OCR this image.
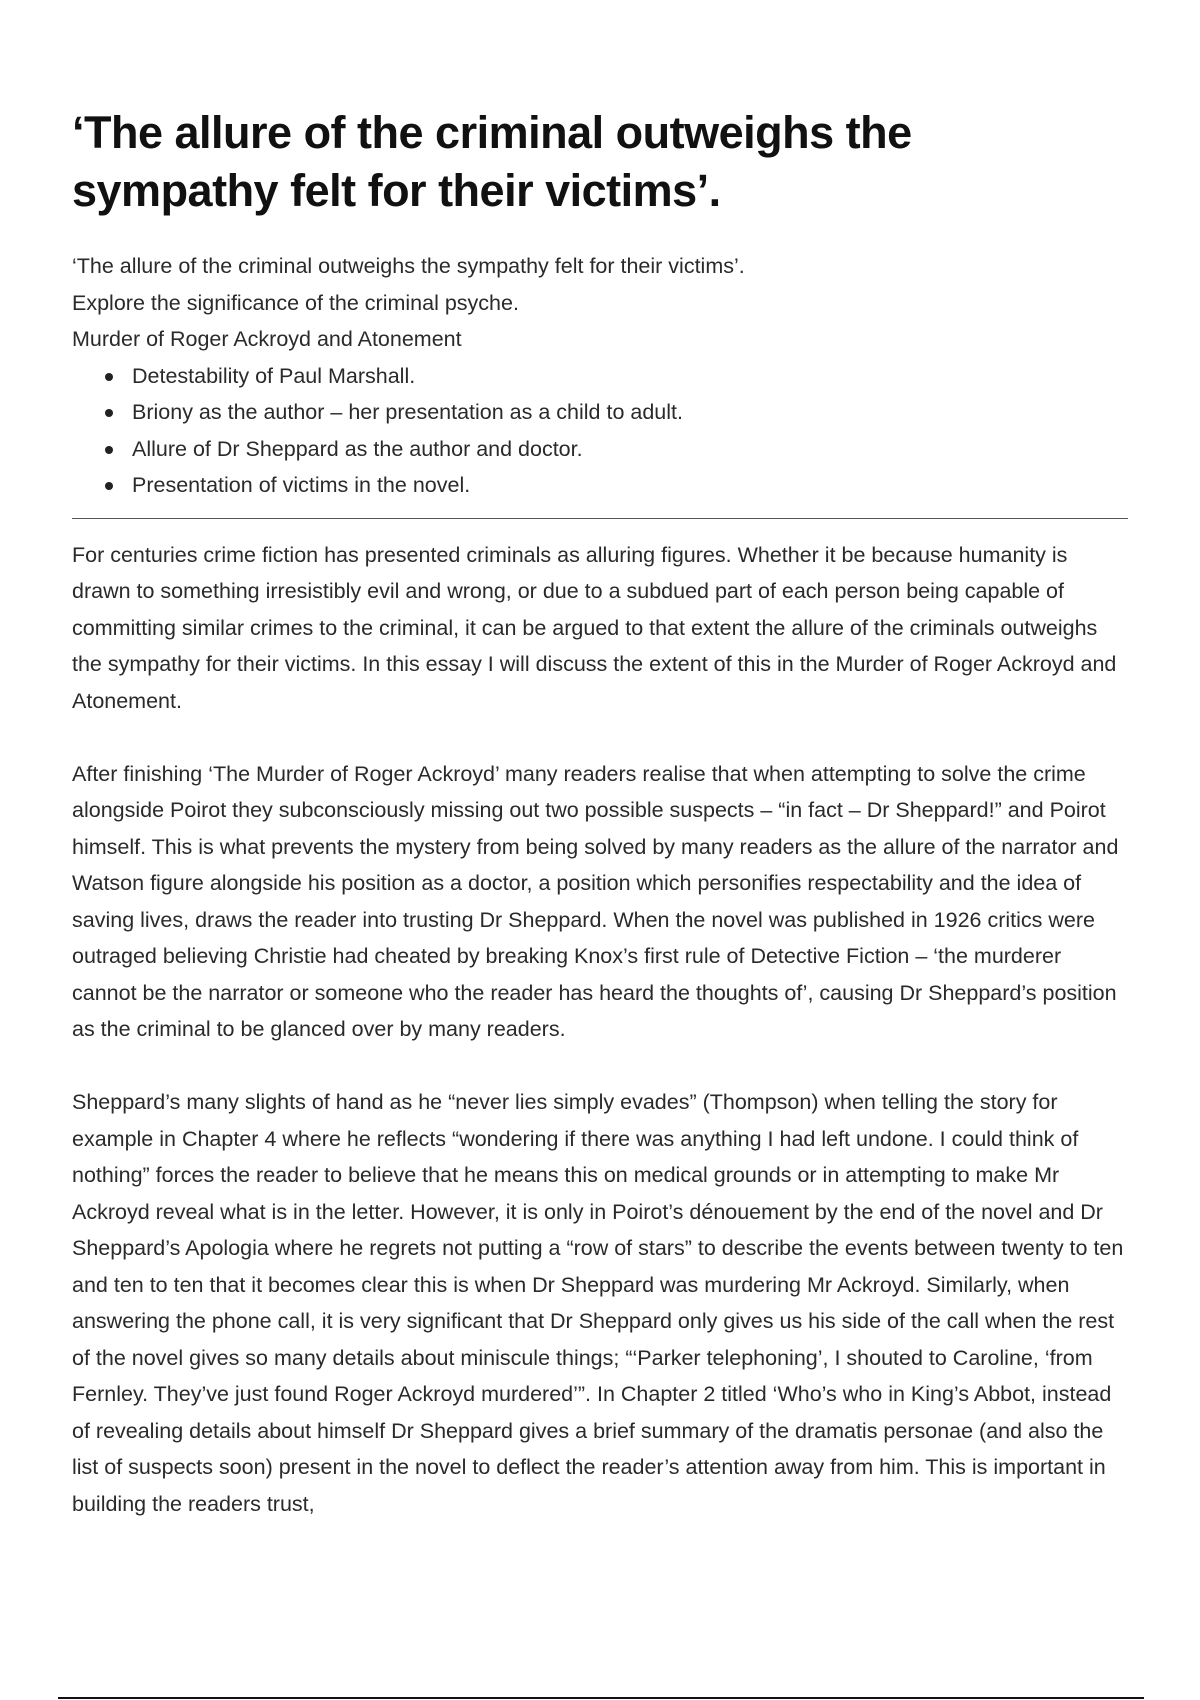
‘The allure of the criminal outweighs the sympathy felt for their victims’.
‘The allure of the criminal outweighs the sympathy felt for their victims’.
Explore the significance of the criminal psyche.
Murder of Roger Ackroyd and Atonement
Detestability of Paul Marshall.
Briony as the author – her presentation as a child to adult.
Allure of Dr Sheppard as the author and doctor.
Presentation of victims in the novel.

For centuries crime fiction has presented criminals as alluring figures. Whether it be because humanity is drawn to something irresistibly evil and wrong, or due to a subdued part of each person being capable of committing similar crimes to the criminal, it can be argued to that extent the allure of the criminals outweighs the sympathy for their victims. In this essay I will discuss the extent of this in the Murder of Roger Ackroyd and Atonement.

After finishing ‘The Murder of Roger Ackroyd’ many readers realise that when attempting to solve the crime alongside Poirot they subconsciously missing out two possible suspects – “in fact – Dr Sheppard!” and Poirot himself. This is what prevents the mystery from being solved by many readers as the allure of the narrator and Watson figure alongside his position as a doctor, a position which personifies respectability and the idea of saving lives, draws the reader into trusting Dr Sheppard. When the novel was published in 1926 critics were outraged believing Christie had cheated by breaking Knox’s first rule of Detective Fiction – ‘the murderer cannot be the narrator or someone who the reader has heard the thoughts of’, causing Dr Sheppard’s position as the criminal to be glanced over by many readers.

Sheppard’s many slights of hand as he “never lies simply evades” (Thompson) when telling the story for example in Chapter 4 where he reflects “wondering if there was anything I had left undone. I could think of nothing” forces the reader to believe that he means this on medical grounds or in attempting to make Mr Ackroyd reveal what is in the letter. However, it is only in Poirot’s dénouement by the end of the novel and Dr Sheppard’s Apologia where he regrets not putting a “row of stars” to describe the events between twenty to ten and ten to ten that it becomes clear this is when Dr Sheppard was murdering Mr Ackroyd. Similarly, when answering the phone call, it is very significant that Dr Sheppard only gives us his side of the call when the rest of the novel gives so many details about miniscule things; “‘Parker telephoning’, I shouted to Caroline, ‘from Fernley. They’ve just found Roger Ackroyd murdered’”. In Chapter 2 titled ‘Who’s who in King’s Abbot, instead of revealing details about himself Dr Sheppard gives a brief summary of the dramatis personae (and also the list of suspects soon) present in the novel to deflect the reader’s attention away from him. This is important in building the readers trust,
